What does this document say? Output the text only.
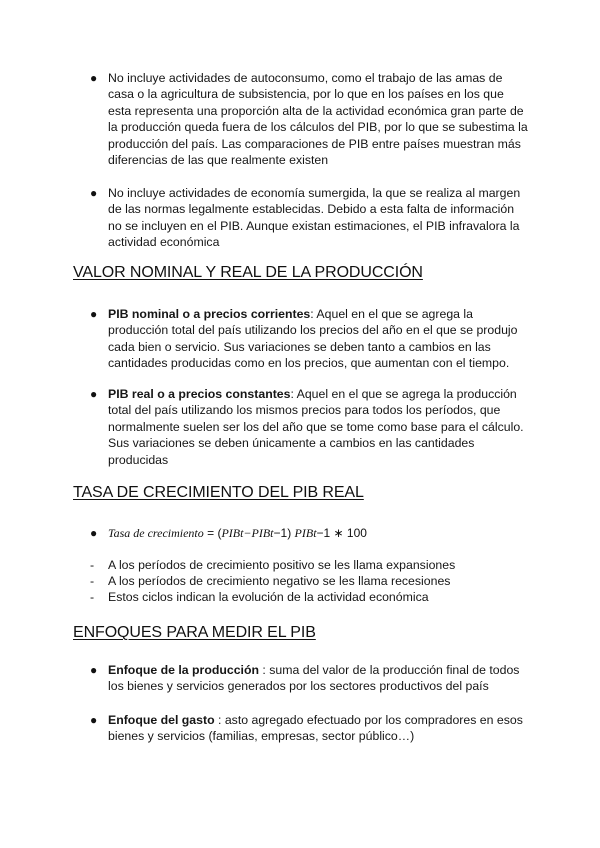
● No incluye actividades de autoconsumo, como el trabajo de las amas de casa o la agricultura de subsistencia, por lo que en los países en los que esta representa una proporción alta de la actividad económica gran parte de la producción queda fuera de los cálculos del PIB, por lo que se subestima la producción del país. Las comparaciones de PIB entre países muestran más diferencias de las que realmente existen
● No incluye actividades de economía sumergida, la que se realiza al margen de las normas legalmente establecidas. Debido a esta falta de información no se incluyen en el PIB. Aunque existan estimaciones, el PIB infravalora la actividad económica
VALOR NOMINAL Y REAL DE LA PRODUCCIÓN
● PIB nominal o a precios corrientes: Aquel en el que se agrega la producción total del país utilizando los precios del año en el que se produjo cada bien o servicio. Sus variaciones se deben tanto a cambios en las cantidades producidas como en los precios, que aumentan con el tiempo.
● PIB real o a precios constantes: Aquel en el que se agrega la producción total del país utilizando los mismos precios para todos los períodos, que normalmente suelen ser los del año que se tome como base para el cálculo. Sus variaciones se deben únicamente a cambios en las cantidades producidas
TASA DE CRECIMIENTO DEL PIB REAL
● Tasa de crecimiento = (PIBt−PIBt−1) PIBt−1 ∗ 100
- A los períodos de crecimiento positivo se les llama expansiones
- A los períodos de crecimiento negativo se les llama recesiones
- Estos ciclos indican la evolución de la actividad económica
ENFOQUES PARA MEDIR EL PIB
● Enfoque de la producción : suma del valor de la producción final de todos los bienes y servicios generados por los sectores productivos del país
● Enfoque del gasto : asto agregado efectuado por los compradores en esos bienes y servicios (familias, empresas, sector público…)
